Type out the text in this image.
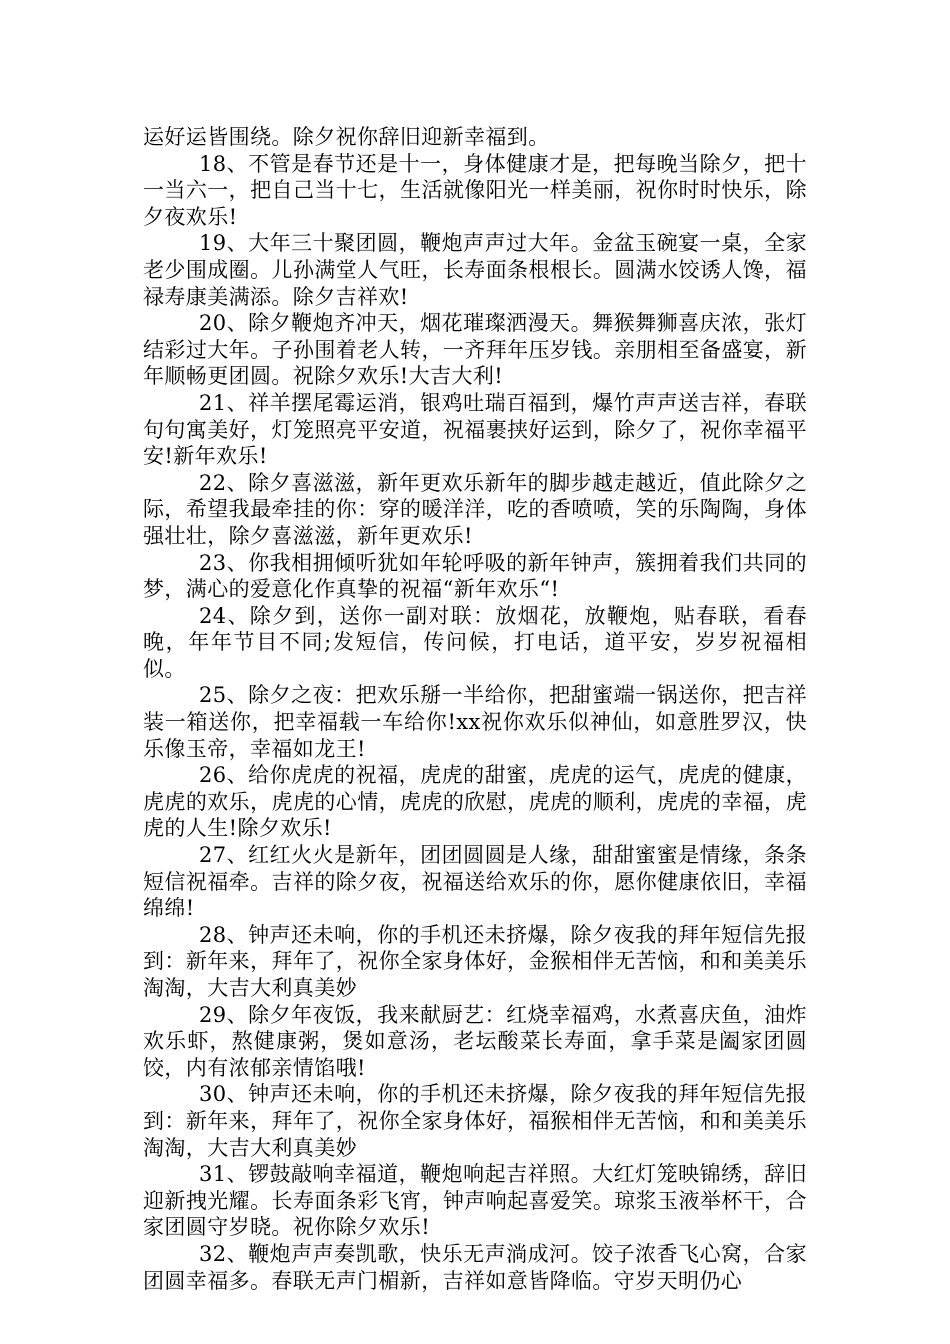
运好运皆围绕。除夕祝你辞旧迎新幸福到。

18、不管是春节还是十一，身体健康才是，把每晚当除夕，把十一当六一，把自己当十七，生活就像阳光一样美丽，祝你时时快乐，除夕夜欢乐!

19、大年三十聚团圆，鞭炮声声过大年。金盆玉碗宴一桌，全家老少围成圈。儿孙满堂人气旺，长寿面条根根长。圆满水饺诱人馋，福禄寿康美满添。除夕吉祥欢!

20、除夕鞭炮齐冲天，烟花璀璨洒漫天。舞猴舞狮喜庆浓，张灯结彩过大年。子孙围着老人转，一齐拜年压岁钱。亲朋相至备盛宴，新年顺畅更团圆。祝除夕欢乐!大吉大利!

21、祥羊摆尾霉运消，银鸡吐瑞百福到，爆竹声声送吉祥，春联句句寓美好，灯笼照亮平安道，祝福裹挟好运到，除夕了，祝你幸福平安!新年欢乐!

22、除夕喜滋滋，新年更欢乐新年的脚步越走越近，值此除夕之际，希望我最牵挂的你：穿的暖洋洋，吃的香喷喷，笑的乐陶陶，身体强壮壮，除夕喜滋滋，新年更欢乐!

23、你我相拥倾听犹如年轮呼吸的新年钟声，簇拥着我们共同的梦，满心的爱意化作真挚的祝福“新年欢乐“!

24、除夕到，送你一副对联：放烟花，放鞭炮，贴春联，看春晚，年年节目不同;发短信，传问候，打电话，道平安，岁岁祝福相似。

25、除夕之夜：把欢乐掰一半给你，把甜蜜端一锅送你，把吉祥装一箱送你，把幸福载一车给你!xx祝你欢乐似神仙，如意胜罗汉，快乐像玉帝，幸福如龙王!

26、给你虎虎的祝福，虎虎的甜蜜，虎虎的运气，虎虎的健康，虎虎的欢乐，虎虎的心情，虎虎的欣慰，虎虎的顺利，虎虎的幸福，虎虎的人生!除夕欢乐!

27、红红火火是新年，团团圆圆是人缘，甜甜蜜蜜是情缘，条条短信祝福牵。吉祥的除夕夜，祝福送给欢乐的你，愿你健康依旧，幸福绵绵!

28、钟声还未响，你的手机还未挤爆，除夕夜我的拜年短信先报到：新年来，拜年了，祝你全家身体好，金猴相伴无苦恼，和和美美乐淘淘，大吉大利真美妙

29、除夕年夜饭，我来献厨艺：红烧幸福鸡，水煮喜庆鱼，油炸欢乐虾，熬健康粥，煲如意汤，老坛酸菜长寿面，拿手菜是阖家团圆饺，内有浓郁亲情馅哦!

30、钟声还未响，你的手机还未挤爆，除夕夜我的拜年短信先报到：新年来，拜年了，祝你全家身体好，福猴相伴无苦恼，和和美美乐淘淘，大吉大利真美妙

31、锣鼓敲响幸福道，鞭炮响起吉祥照。大红灯笼映锦绣，辞旧迎新拽光耀。长寿面条彩飞宵，钟声响起喜爱笑。琼浆玉液举杯干，合家团圆守岁晓。祝你除夕欢乐!

32、鞭炮声声奏凯歌，快乐无声淌成河。饺子浓香飞心窝，合家团圆幸福多。春联无声门楣新，吉祥如意皆降临。守岁天明仍心
